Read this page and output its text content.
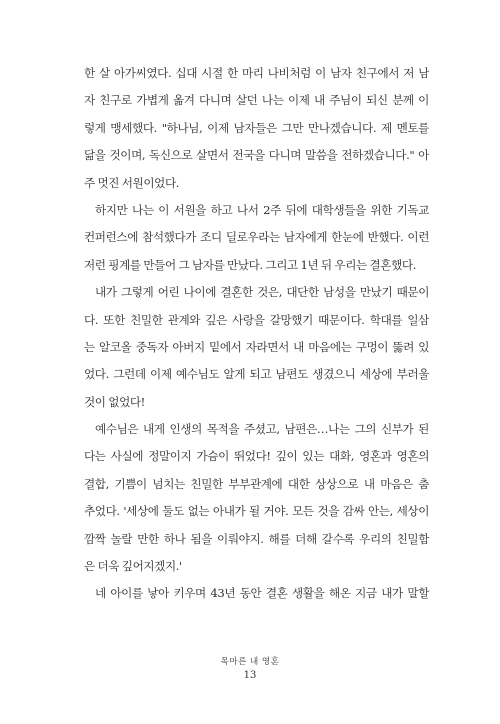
한 살 아가씨였다. 십대 시절 한 마리 나비처럼 이 남자 친구에서 저 남
자 친구로 가볍게 옮겨 다니며 살던 나는 이제 내 주님이 되신 분께 이
렇게 맹세했다. "하나님, 이제 남자들은 그만 만나겠습니다. 제 멘토를
닮을 것이며, 독신으로 살면서 전국을 다니며 말씀을 전하겠습니다." 아
주 멋진 서원이었다.
하지만 나는 이 서원을 하고 나서 2주 뒤에 대학생들을 위한 기독교
컨퍼런스에 참석했다가 조디 딜로우라는 남자에게 한눈에 반했다. 이런
저런 핑계를 만들어 그 남자를 만났다. 그리고 1년 뒤 우리는 결혼했다.
내가 그렇게 어린 나이에 결혼한 것은, 대단한 남성을 만났기 때문이
다. 또한 친밀한 관계와 깊은 사랑을 갈망했기 때문이다. 학대를 일삼
는 알코올 중독자 아버지 밑에서 자라면서 내 마음에는 구멍이 뚫려 있
었다. 그런데 이제 예수님도 알게 되고 남편도 생겼으니 세상에 부러울
것이 없었다!
예수님은 내게 인생의 목적을 주셨고, 남편은…나는 그의 신부가 된
다는 사실에 정말이지 가슴이 뛰었다! 깊이 있는 대화, 영혼과 영혼의
결합, 기쁨이 넘치는 친밀한 부부관계에 대한 상상으로 내 마음은 춤
추었다. '세상에 둘도 없는 아내가 될 거야. 모든 것을 감싸 안는, 세상이
깜짝 놀랄 만한 하나 됨을 이뤄야지. 해를 더해 갈수록 우리의 친밀함
은 더욱 깊어지겠지.'
네 아이를 낳아 키우며 43년 동안 결혼 생활을 해온 지금 내가 말할
목마른 내 영혼
13
